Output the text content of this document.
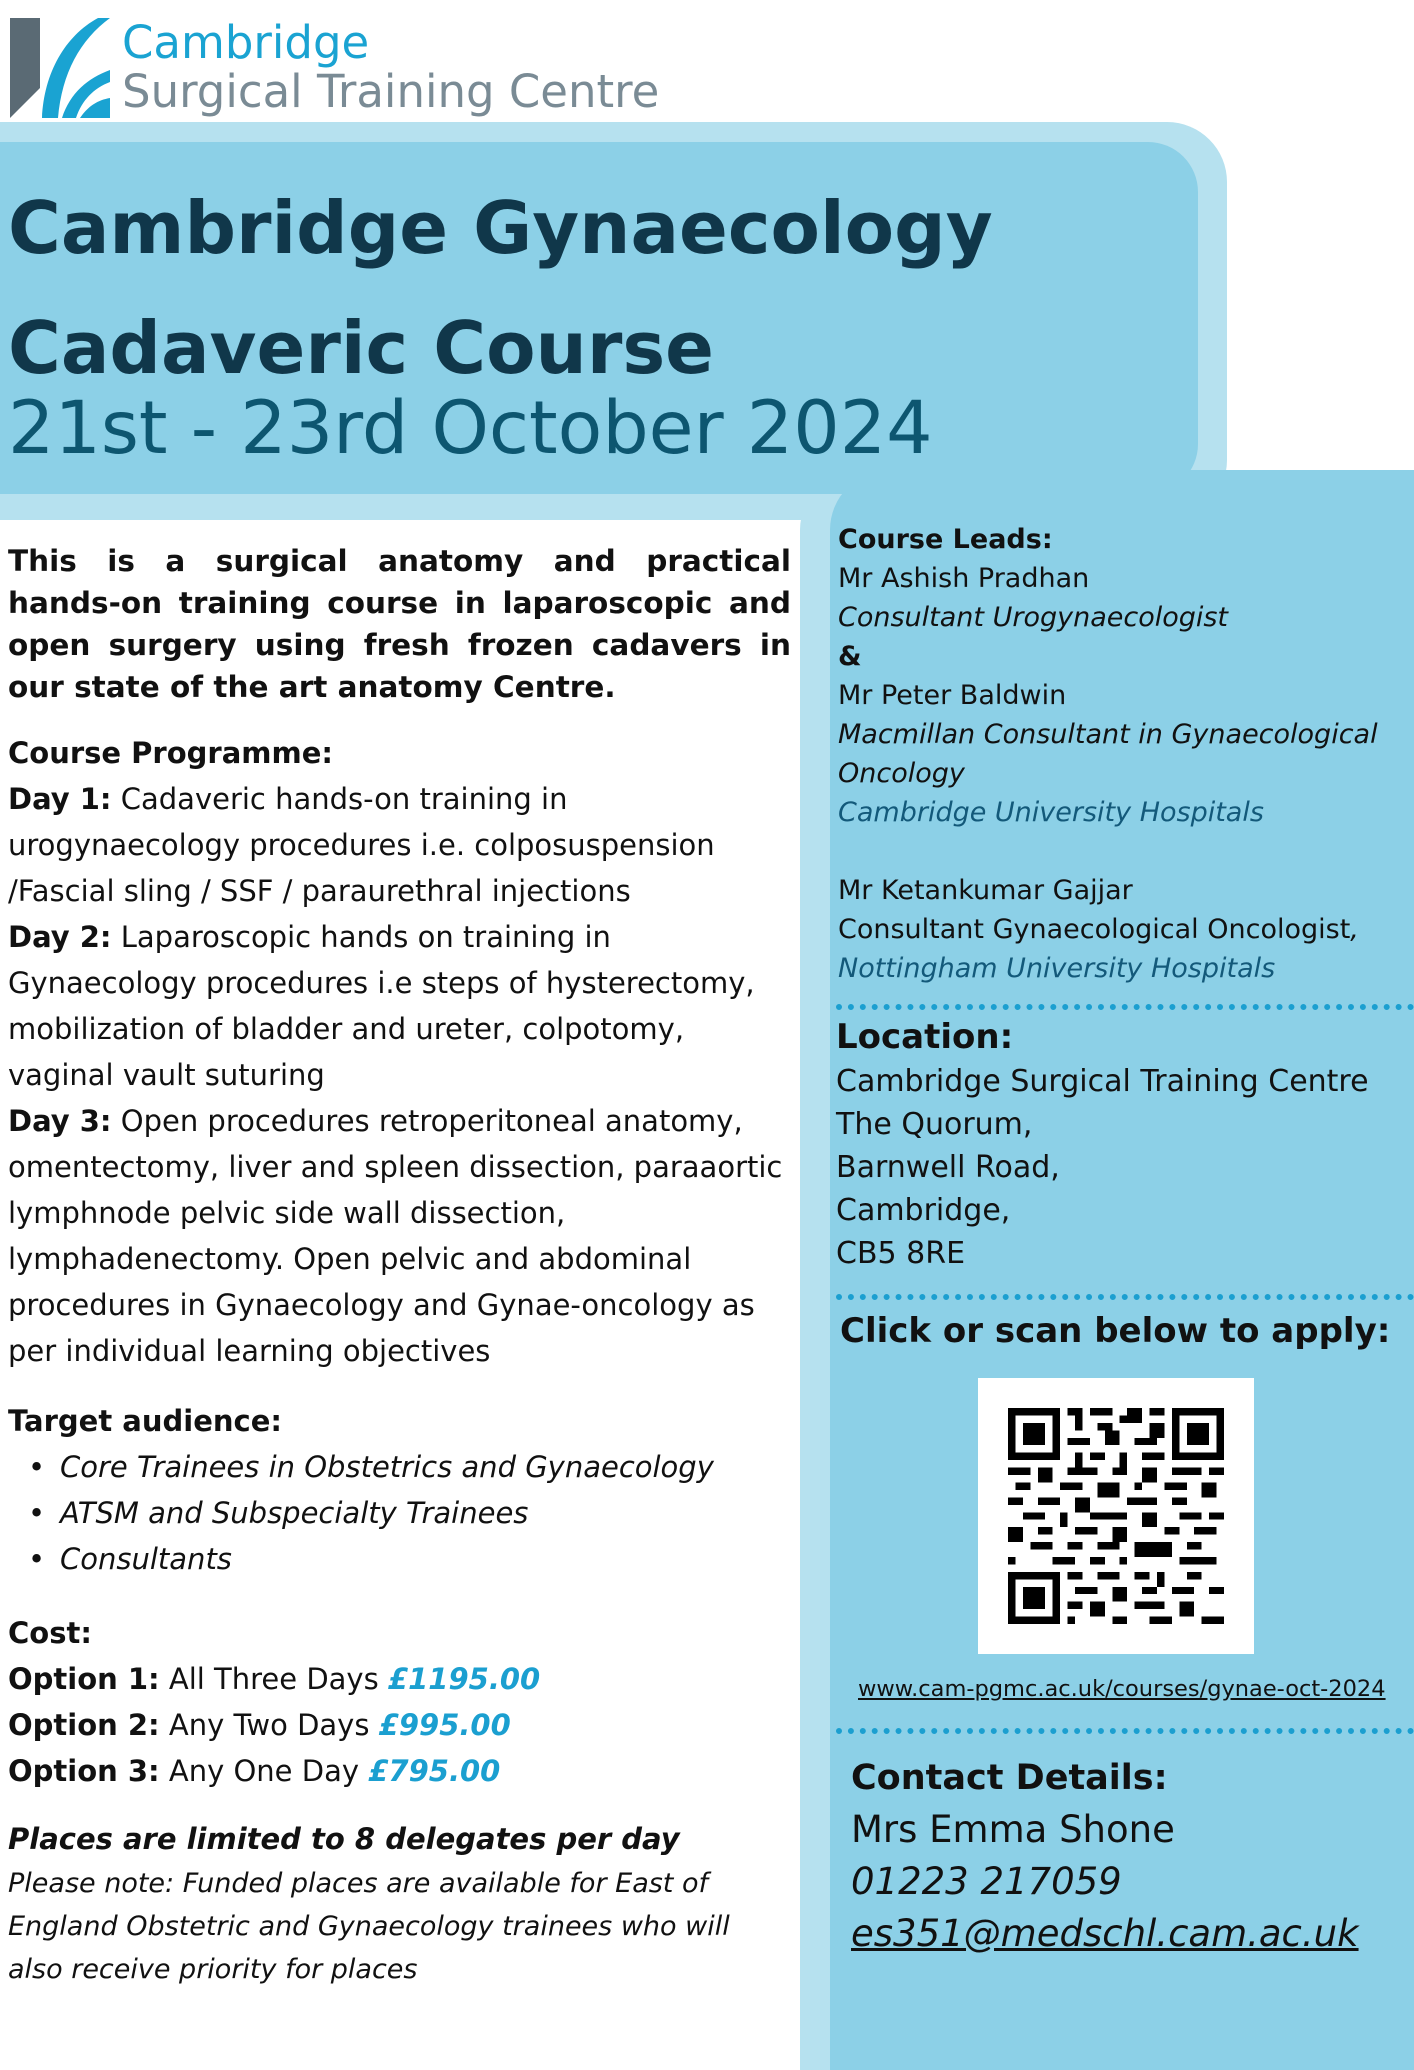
Cambridge
Surgical Training Centre
Cambridge Gynaecology
Cadaveric Course
21st - 23rd October 2024

This is a surgical anatomy and practical hands-on training course in laparoscopic and open surgery using fresh frozen cadavers in our state of the art anatomy Centre.

Course Programme:
Day 1: Cadaveric hands-on training in urogynaecology procedures i.e. colposuspension /Fascial sling / SSF / paraurethral injections
Day 2: Laparoscopic hands on training in Gynaecology procedures i.e steps of hysterectomy, mobilization of bladder and ureter, colpotomy, vaginal vault suturing
Day 3: Open procedures retroperitoneal anatomy, omentectomy, liver and spleen dissection, paraaortic lymphnode pelvic side wall dissection, lymphadenectomy. Open pelvic and abdominal procedures in Gynaecology and Gynae-oncology as per individual learning objectives
Target audience:
• Core Trainees in Obstetrics and Gynaecology
• ATSM and Subspecialty Trainees
• Consultants
Cost:
Option 1: All Three Days £1195.00
Option 2: Any Two Days £995.00
Option 3: Any One Day £795.00
Places are limited to 8 delegates per day
Please note: Funded places are available for East of England Obstetric and Gynaecology trainees who will also receive priority for places
Course Leads:
Mr Ashish Pradhan
Consultant Urogynaecologist
&
Mr Peter Baldwin
Macmillan Consultant in Gynaecological Oncology
Cambridge University Hospitals
Mr Ketankumar Gajjar
Consultant Gynaecological Oncologist,
Nottingham University Hospitals
Location:
Cambridge Surgical Training Centre
The Quorum,
Barnwell Road,
Cambridge,
CB5 8RE
Click or scan below to apply:
www.cam-pgmc.ac.uk/courses/gynae-oct-2024
Contact Details:
Mrs Emma Shone
01223 217059
es351@medschl.cam.ac.uk
